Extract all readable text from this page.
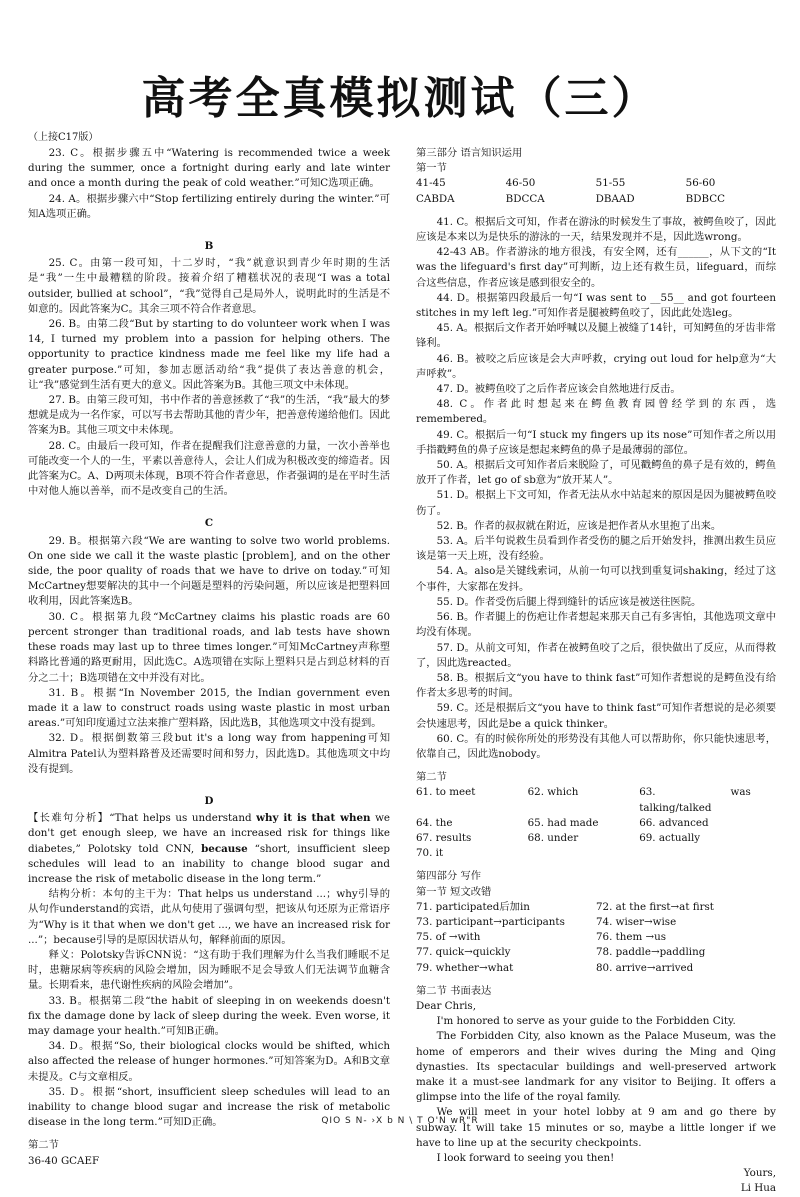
高考全真模拟测试（三）
（上接C17版）

23. C。根据步骤五中“Watering is recommended twice a week during the summer, once a fortnight during early and late winter and once a month during the peak of cold weather.”可知C选项正确。

24. A。根据步骤六中“Stop fertilizing entirely during the winter.”可知A选项正确。

B

25. C。由第一段可知，十二岁时，“我”就意识到青少年时期的生活是“我”一生中最糟糕的阶段。接着介绍了糟糕状况的表现“I was a total outsider, bullied at school”，“我”觉得自己是局外人，说明此时的生活是不如意的。因此答案为C。其余三项不符合作者意思。

26. B。由第二段“But by starting to do volunteer work when I was 14, I turned my problem into a passion for helping others. The opportunity to practice kindness made me feel like my life had a greater purpose.”可知，参加志愿活动给“我”提供了表达善意的机会，让“我”感觉到生活有更大的意义。因此答案为B。其他三项文中未体现。

27. B。由第三段可知，书中作者的善意拯救了“我”的生活，“我”最大的梦想就是成为一名作家，可以写书去帮助其他的青少年，把善意传递给他们。因此答案为B。其他三项文中未体现。

28. C。由最后一段可知，作者在提醒我们注意善意的力量，一次小善举也可能改变一个人的一生，平素以善意待人，会让人们成为积极改变的缔造者。因此答案为C。A、D两项未体现，B项不符合作者意思，作者强调的是在平时生活中对他人施以善举，而不是改变自己的生活。

C

29. B。根据第六段“We are wanting to solve two world problems. On one side we call it the waste plastic [problem], and on the other side, the poor quality of roads that we have to drive on today.”可知McCartney想要解决的其中一个问题是塑料的污染问题，所以应该是把塑料回收利用，因此答案选B。

30. C。根据第九段“McCartney claims his plastic roads are 60 percent stronger than traditional roads, and lab tests have shown these roads may last up to three times longer.”可知McCartney声称塑料路比普通的路更耐用，因此选C。A选项错在实际上塑料只是占到总材料的百分之二十；B选项错在文中并没有对比。

31. B。根据“In November 2015, the Indian government even made it a law to construct roads using waste plastic in most urban areas.”可知印度通过立法来推广塑料路，因此选B，其他选项文中没有提到。

32. D。根据倒数第三段but it's a long way from happening可知Almitra Patel认为塑料路普及还需要时间和努力，因此选D。其他选项文中均没有提到。

D

【长难句分析】“That helps us understand why it is that when we don't get enough sleep, we have an increased risk for things like diabetes,” Polotsky told CNN, because “short, insufficient sleep schedules will lead to an inability to change blood sugar and increase the risk of metabolic disease in the long term.”

结构分析：本句的主干为：That helps us understand ...；why引导的从句作understand的宾语，此从句使用了强调句型，把该从句还原为正常语序为“Why is it that when we don't get ..., we have an increased risk for ...”；because引导的是原因状语从句，解释前面的原因。

释义：Polotsky告诉CNN说：“这有助于我们理解为什么当我们睡眠不足时，患糖尿病等疾病的风险会增加，因为睡眠不足会导致人们无法调节血糖含量。长期看来，患代谢性疾病的风险会增加”。

33. B。根据第二段“the habit of sleeping in on weekends doesn't fix the damage done by lack of sleep during the week. Even worse, it may damage your health.”可知B正确。

34. D。根据“So, their biological clocks would be shifted, which also affected the release of hunger hormones.”可知答案为D。A和B文章未提及。C与文章相反。

35. D。根据“short, insufficient sleep schedules will lead to an inability to change blood sugar and increase the risk of metabolic disease in the long term.”可知D正确。

第二节

36-40 GCAEF

第三部分 语言知识运用

第一节

41-45 CABDA
46-50 BDCCA
51-55 DBAAD
56-60 BDBCC

41. C。根据后文可知，作者在游泳的时候发生了事故，被鳄鱼咬了，因此应该是本来以为是快乐的游泳的一天，结果发现并不是，因此选wrong。

42-43 AB。作者游泳的地方很浅，有安全网，还有______，从下文的“It was the lifeguard's first day”可判断，边上还有救生员，lifeguard，而综合这些信息，作者应该是感到很安全的。

44. D。根据第四段最后一句“I was sent to __55__ and got fourteen stitches in my left leg.”可知作者是腿被鳄鱼咬了，因此此处选leg。

45. A。根据后文作者开始呼喊以及腿上被缝了14针，可知鳄鱼的牙齿非常锋利。

46. B。被咬之后应该是会大声呼救，crying out loud for help意为“大声呼救”。

47. D。被鳄鱼咬了之后作者应该会自然地进行反击。

48. C。作者此时想起来在鳄鱼教育园曾经学到的东西，选remembered。

49. C。根据后一句“I stuck my fingers up its nose”可知作者之所以用手指戳鳄鱼的鼻子应该是想起来鳄鱼的鼻子是最薄弱的部位。

50. A。根据后文可知作者后来脱险了，可见戳鳄鱼的鼻子是有效的，鳄鱼放开了作者，let go of sb意为“放开某人”。

51. D。根据上下文可知，作者无法从水中站起来的原因是因为腿被鳄鱼咬伤了。

52. B。作者的叔叔就在附近，应该是把作者从水里抱了出来。

53. A。后半句说救生员看到作者受伤的腿之后开始发抖，推测出救生员应该是第一天上班，没有经验。

54. A。also是关键线索词，从前一句可以找到重复词shaking，经过了这个事件，大家都在发抖。

55. D。作者受伤后腿上得到缝针的话应该是被送往医院。

56. B。作者腿上的伤疤让作者想起来那天自己有多害怕，其他选项文章中均没有体现。

57. D。从前文可知，作者在被鳄鱼咬了之后，很快做出了反应，从而得救了，因此选reacted。

58. B。根据后文“you have to think fast”可知作者想说的是鳄鱼没有给作者太多思考的时间。

59. C。还是根据后文“you have to think fast”可知作者想说的是必须要会快速思考，因此是be a quick thinker。

60. C。有的时候你所处的形势没有其他人可以帮助你，你只能快速思考，依靠自己，因此选nobody。

第二节

61. to meet	62. which	63. was talking/talked
64. the	65. had made	66. advanced
67. results	68. under	69. actually
70. it

第四部分 写作

第一节 短文改错

71. participated后加in	72. at the first→at first
73. participant→participants	74. wiser→wise
75. of →with	76. them →us
77. quick→quickly	78. paddle→paddling
79. whether→what	80. arrive→arrived

第二节 书面表达

Dear Chris,

I'm honored to serve as your guide to the Forbidden City.

The Forbidden City, also known as the Palace Museum, was the home of emperors and their wives during the Ming and Qing dynasties. Its spectacular buildings and well-preserved artwork make it a must-see landmark for any visitor to Beijing. It offers a glimpse into the life of the royal family.

We will meet in your hotel lobby at 9 am and go there by subway. It will take 15 minutes or so, maybe a little longer if we have to line up at the security checkpoints.

I look forward to seeing you then!

Yours,

Li Hua

QIO S N- ›X b N \ T O'N wR"R
